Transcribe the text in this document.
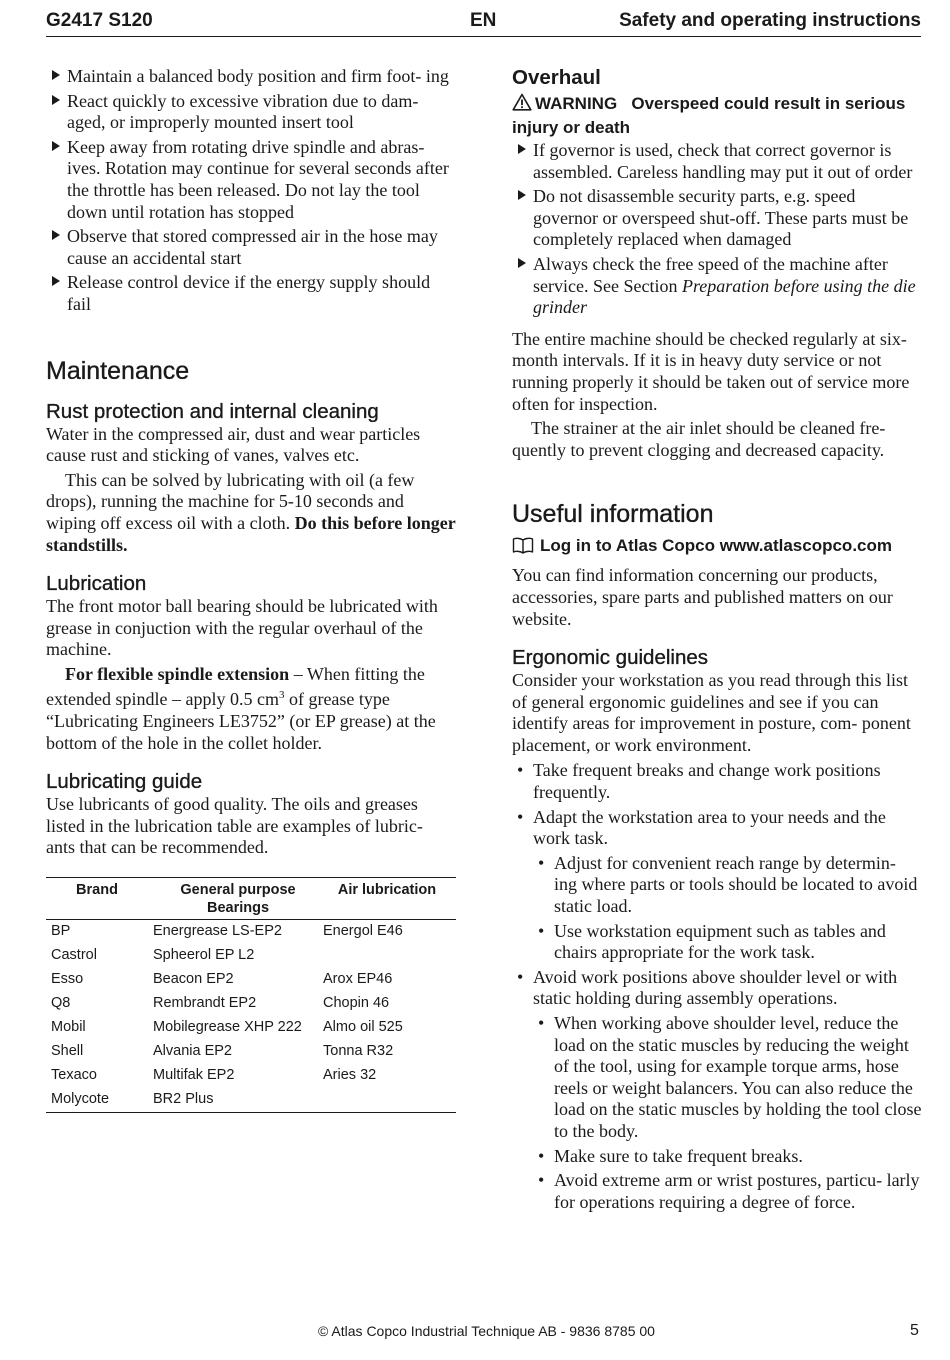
G2417 S120	EN	Safety and operating instructions
Maintain a balanced body position and firm foot- ing
React quickly to excessive vibration due to dam- aged, or improperly mounted insert tool
Keep away from rotating drive spindle and abras- ives. Rotation may continue for several seconds after the throttle has been released. Do not lay the tool down until rotation has stopped
Observe that stored compressed air in the hose may cause an accidental start
Release control device if the energy supply should fail
Maintenance
Rust protection and internal cleaning

Water in the compressed air, dust and wear particles cause rust and sticking of vanes, valves etc.

This can be solved by lubricating with oil (a few drops), running the machine for 5-10 seconds and wiping off excess oil with a cloth. Do this before longer standstills.

Lubrication

The front motor ball bearing should be lubricated with grease in conjuction with the regular overhaul of the machine.

For flexible spindle extension – When fitting the extended spindle – apply 0.5 $cm^3$ of grease type “Lubricating Engineers LE3752” (or EP grease) at the bottom of the hole in the collet holder.

Lubricating guide

Use lubricants of good quality. The oils and greases listed in the lubrication table are examples of lubric- ants that can be recommended.

Brand	General purpose Bearings	Air lubrication
BP	Energrease LS-EP2	Energol E46
Castrol	Spheerol EP L2	
Esso	Beacon EP2	Arox EP46
Q8	Rembrandt EP2	Chopin 46
Mobil	Mobilegrease XHP 222	Almo oil 525
Shell	Alvania EP2	Tonna R32
Texaco	Multifak EP2	Aries 32
Molycote	BR2 Plus	
Overhaul
WARNING Overspeed could result in serious injury or death
If governor is used, check that correct governor is assembled. Careless handling may put it out of order
Do not disassemble security parts, e.g. speed governor or overspeed shut-off. These parts must be completely replaced when damaged
Always check the free speed of the machine after service. See Section Preparation before using the die grinder

The entire machine should be checked regularly at six-month intervals. If it is in heavy duty service or not running properly it should be taken out of service more often for inspection.

The strainer at the air inlet should be cleaned fre- quently to prevent clogging and decreased capacity.

Useful information
Log in to Atlas Copco www.atlascopco.com

You can find information concerning our products, accessories, spare parts and published matters on our website.

Ergonomic guidelines

Consider your workstation as you read through this list of general ergonomic guidelines and see if you can identify areas for improvement in posture, com- ponent placement, or work environment.

• Take frequent breaks and change work positions frequently.
• Adapt the workstation area to your needs and the work task.
• Adjust for convenient reach range by determin- ing where parts or tools should be located to avoid static load.
• Use workstation equipment such as tables and chairs appropriate for the work task.
• Avoid work positions above shoulder level or with static holding during assembly operations.
• When working above shoulder level, reduce the load on the static muscles by reducing the weight of the tool, using for example torque arms, hose reels or weight balancers. You can also reduce the load on the static muscles by holding the tool close to the body.
• Make sure to take frequent breaks.
• Avoid extreme arm or wrist postures, particu- larly for operations requiring a degree of force.
© Atlas Copco Industrial Technique AB - 9836 8785 00	5
